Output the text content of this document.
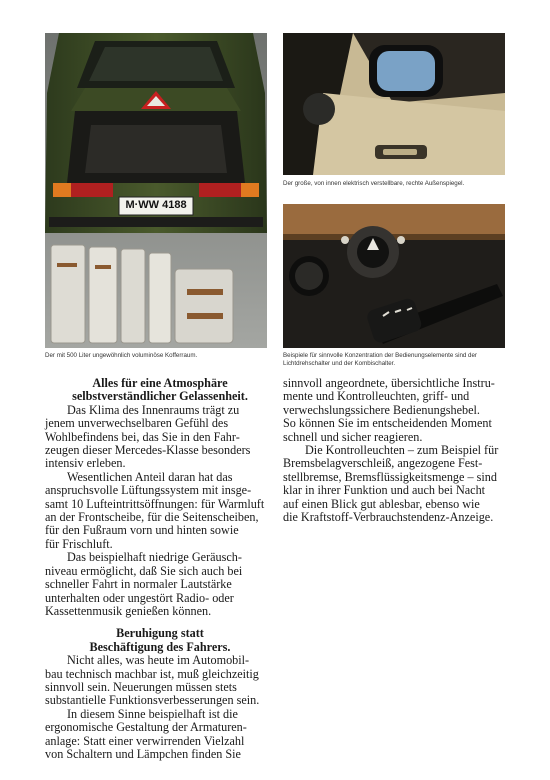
M·WW 4188
Der mit 500 Liter ungewöhnlich voluminöse Kofferraum.
Der große, von innen elektrisch verstellbare, rechte Außenspiegel.
Beispiele für sinnvolle Konzentration der Bedienungselemente sind der
Lichtdrehschalter und der Kombischalter.
Alles für eine Atmosphäre
selbstverständlicher Gelassenheit.

Das Klima des Innenraums trägt zu
jenem unverwechselbaren Gefühl des
Wohlbefindens bei, das Sie in den Fahr-
zeugen dieser Mercedes-Klasse besonders
intensiv erleben.

Wesentlichen Anteil daran hat das
anspruchsvolle Lüftungssystem mit insge-
samt 10 Lufteintrittsöffnungen: für Warmluft
an der Frontscheibe, für die Seitenscheiben,
für den Fußraum vorn und hinten sowie
für Frischluft.

Das beispielhaft niedrige Geräusch-
niveau ermöglicht, daß Sie sich auch bei
schneller Fahrt in normaler Lautstärke
unterhalten oder ungestört Radio- oder
Kassettenmusik genießen können.

Beruhigung statt
Beschäftigung des Fahrers.

Nicht alles, was heute im Automobil-
bau technisch machbar ist, muß gleichzeitig
sinnvoll sein. Neuerungen müssen stets
substantielle Funktionsverbesserungen sein.

In diesem Sinne beispielhaft ist die
ergonomische Gestaltung der Armaturen-
anlage: Statt einer verwirrenden Vielzahl
von Schaltern und Lämpchen finden Sie

sinnvoll angeordnete, übersichtliche Instru-
mente und Kontrolleuchten, griff- und
verwechslungssichere Bedienungshebel.
So können Sie im entscheidenden Moment
schnell und sicher reagieren.

Die Kontrolleuchten – zum Beispiel für
Bremsbelagverschleiß, angezogene Fest-
stellbremse, Bremsflüssigkeitsmenge – sind
klar in ihrer Funktion und auch bei Nacht
auf einen Blick gut ablesbar, ebenso wie
die Kraftstoff-Verbrauchstendenz-Anzeige.
